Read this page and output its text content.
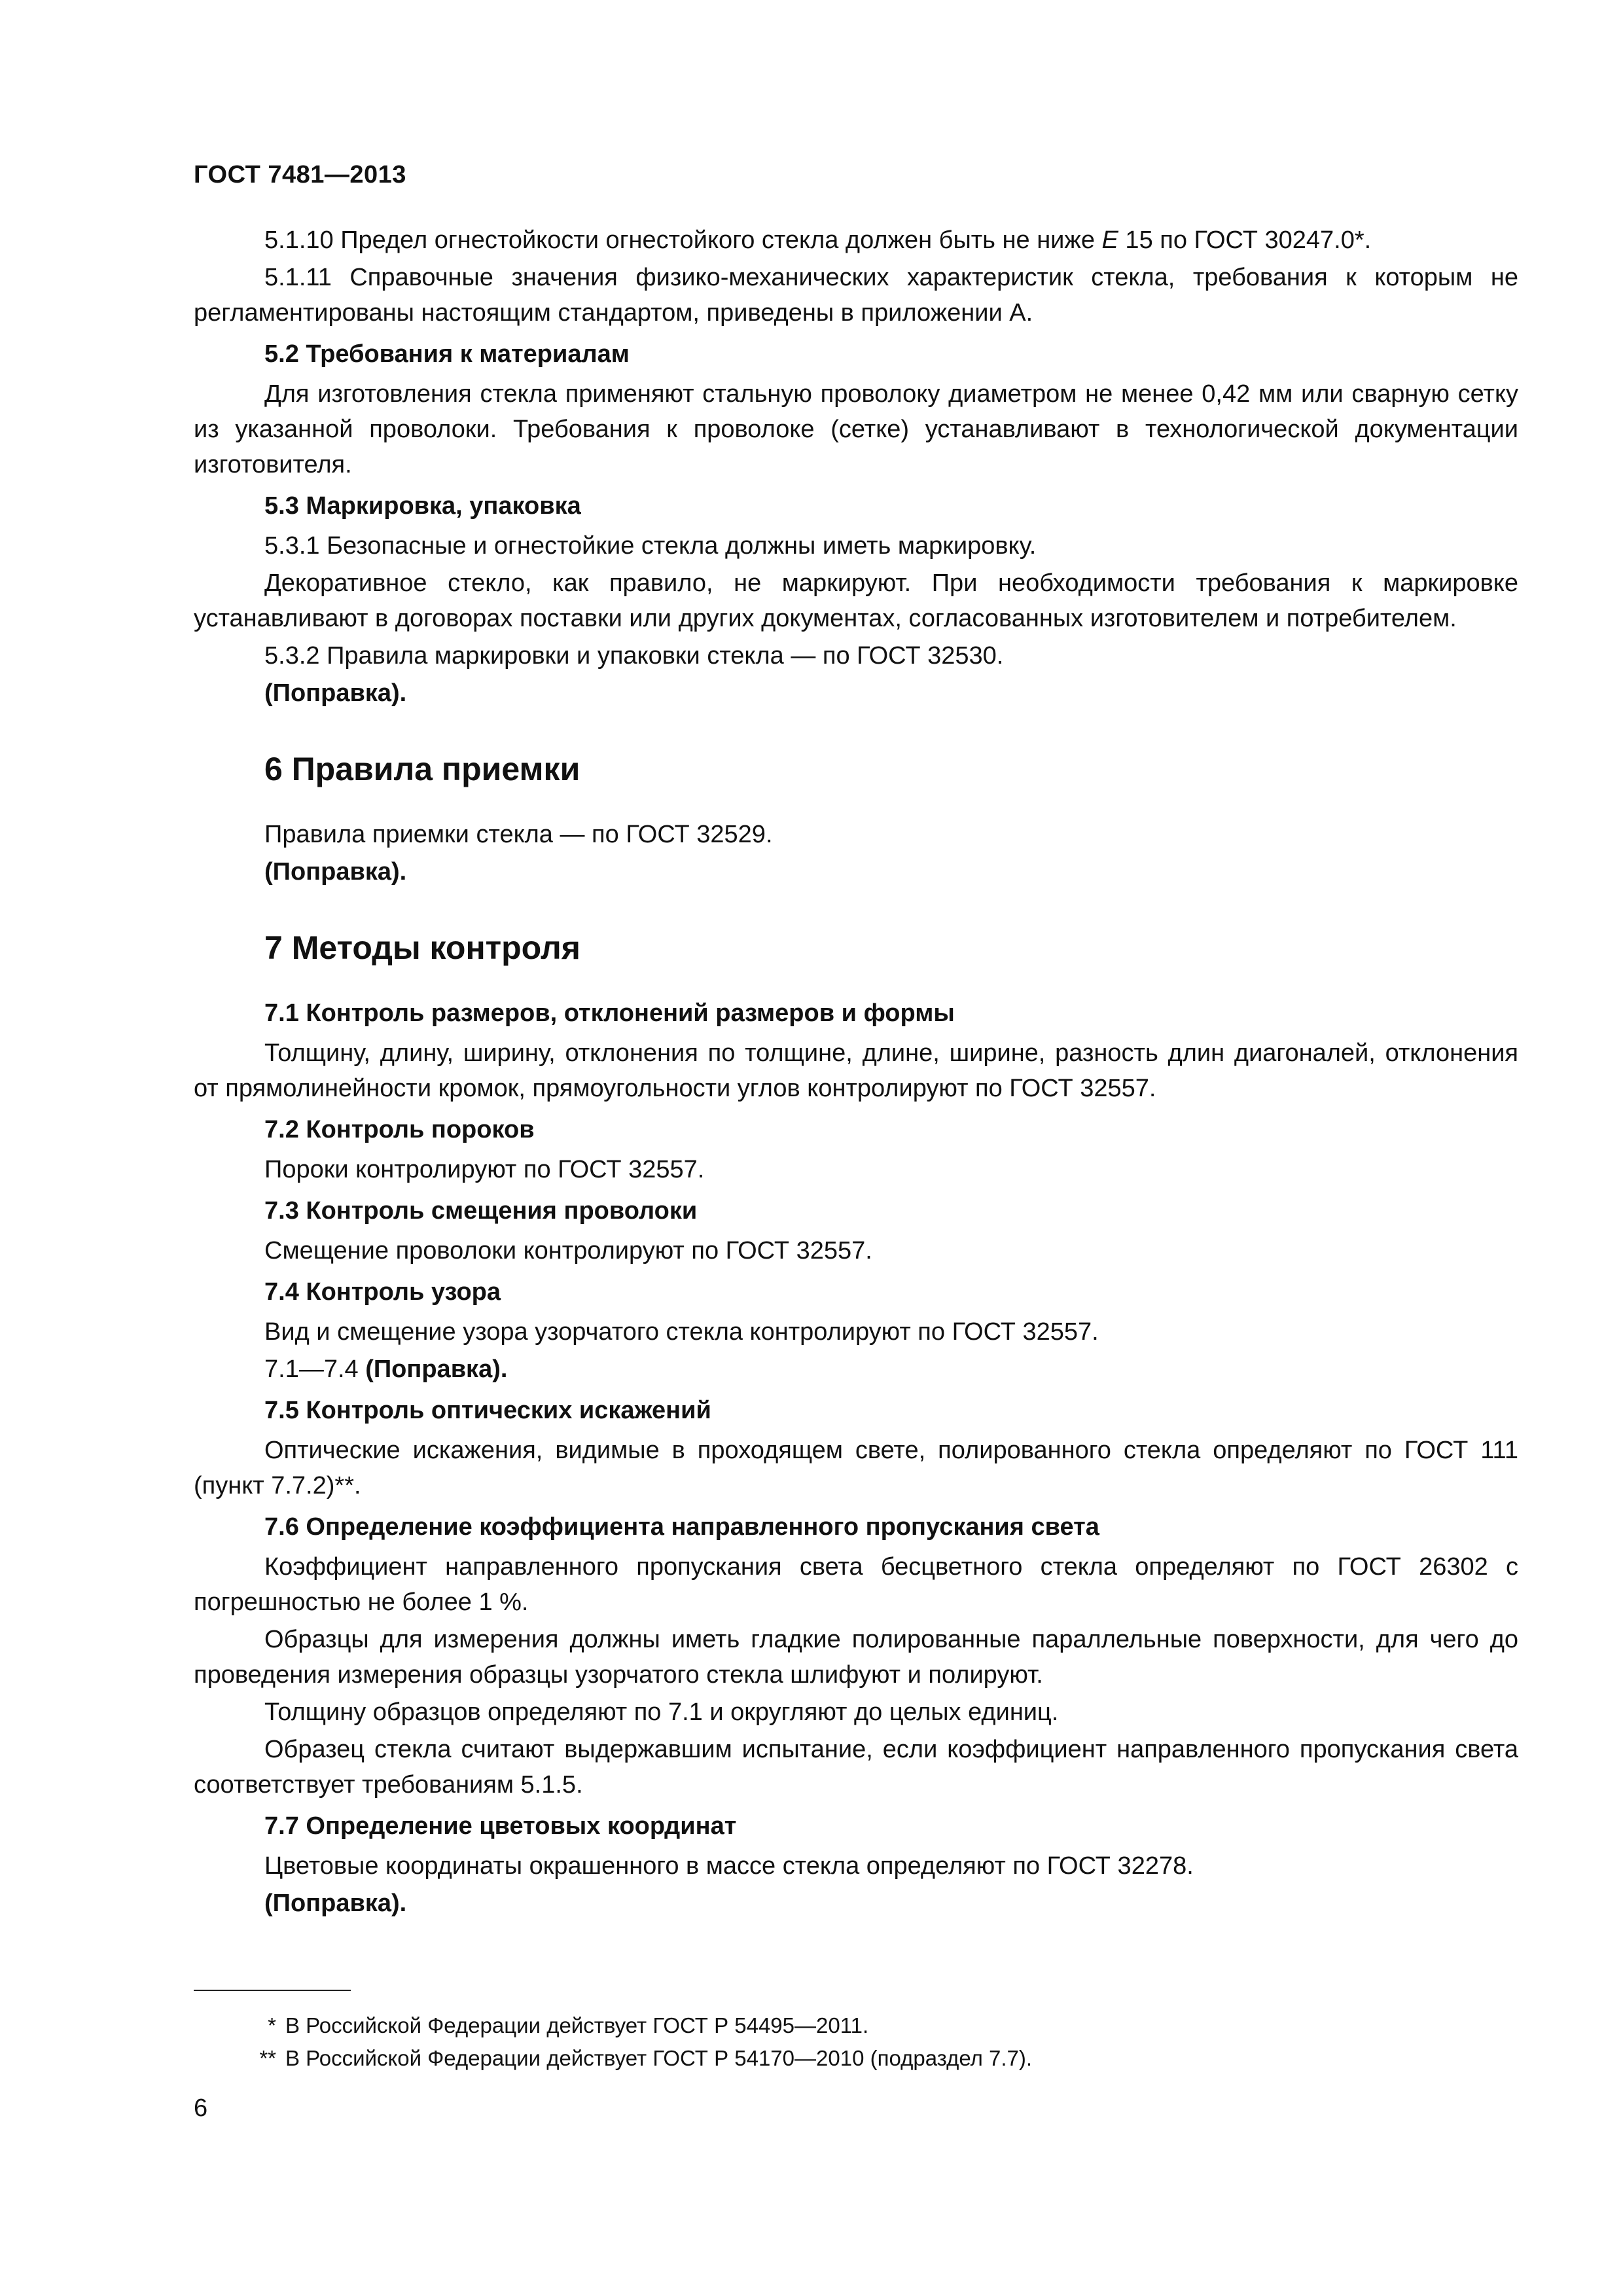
ГОСТ 7481—2013

5.1.10 Предел огнестойкости огнестойкого стекла должен быть не ниже E 15 по ГОСТ 30247.0*.

5.1.11 Справочные значения физико-механических характеристик стекла, требования к которым не регламентированы настоящим стандартом, приведены в приложении А.

5.2 Требования к материалам

Для изготовления стекла применяют стальную проволоку диаметром не менее 0,42 мм или сварную сетку из указанной проволоки. Требования к проволоке (сетке) устанавливают в технологической документации изготовителя.

5.3 Маркировка, упаковка

5.3.1 Безопасные и огнестойкие стекла должны иметь маркировку.

Декоративное стекло, как правило, не маркируют. При необходимости требования к маркировке устанавливают в договорах поставки или других документах, согласованных изготовителем и потребителем.

5.3.2 Правила маркировки и упаковки стекла — по ГОСТ 32530.

(Поправка).

6 Правила приемки

Правила приемки стекла — по ГОСТ 32529.

(Поправка).

7 Методы контроля
7.1 Контроль размеров, отклонений размеров и формы

Толщину, длину, ширину, отклонения по толщине, длине, ширине, разность длин диагоналей, отклонения от прямолинейности кромок, прямоугольности углов контролируют по ГОСТ 32557.

7.2 Контроль пороков

Пороки контролируют по ГОСТ 32557.

7.3 Контроль смещения проволоки

Смещение проволоки контролируют по ГОСТ 32557.

7.4 Контроль узора

Вид и смещение узора узорчатого стекла контролируют по ГОСТ 32557.

7.1—7.4 (Поправка).

7.5 Контроль оптических искажений

Оптические искажения, видимые в проходящем свете, полированного стекла определяют по ГОСТ 111 (пункт 7.7.2)**.

7.6 Определение коэффициента направленного пропускания света

Коэффициент направленного пропускания света бесцветного стекла определяют по ГОСТ 26302 с погрешностью не более 1 %.

Образцы для измерения должны иметь гладкие полированные параллельные поверхности, для чего до проведения измерения образцы узорчатого стекла шлифуют и полируют.

Толщину образцов определяют по 7.1 и округляют до целых единиц.

Образец стекла считают выдержавшим испытание, если коэффициент направленного пропускания света соответствует требованиям 5.1.5.

7.7 Определение цветовых координат

Цветовые координаты окрашенного в массе стекла определяют по ГОСТ 32278.

(Поправка).

* В Российской Федерации действует ГОСТ Р 54495—2011.
** В Российской Федерации действует ГОСТ Р 54170—2010 (подраздел 7.7).
6
